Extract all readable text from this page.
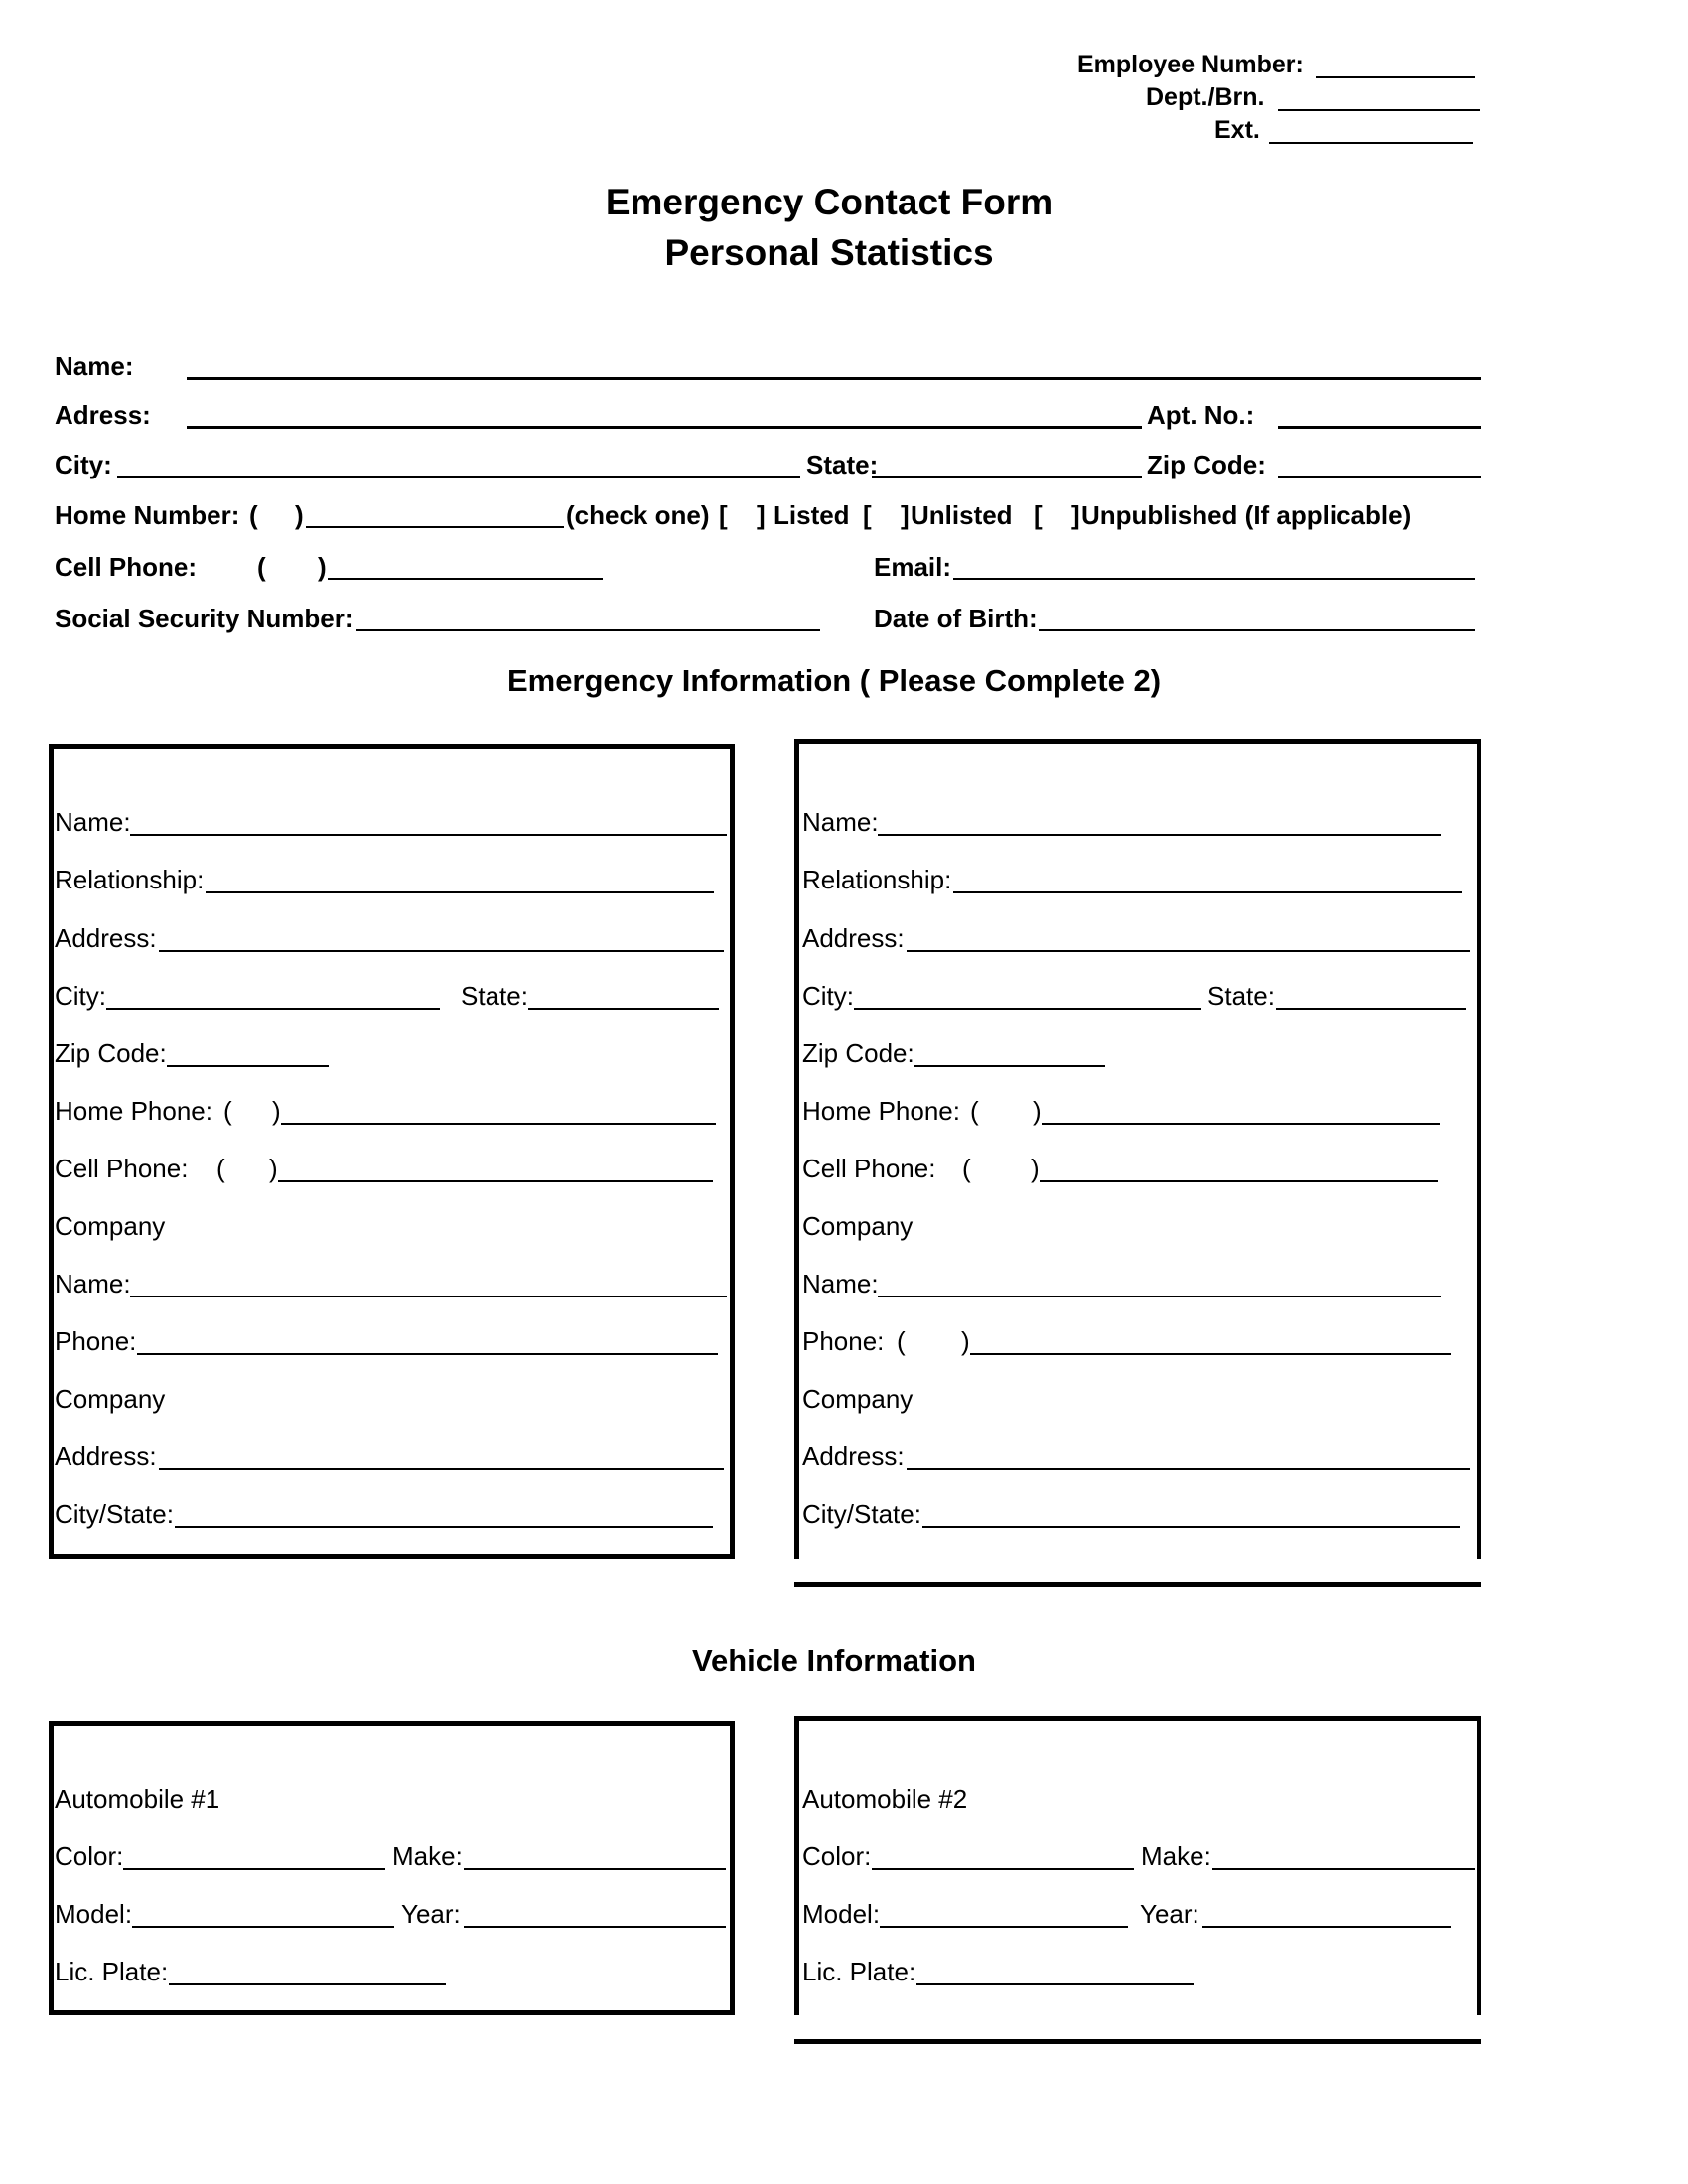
Employee Number:
Dept./Brn.
Ext.
Emergency Contact Form
Personal Statistics
Name:
Adress:	Apt. No.:
City:	State:	Zip Code:
Home Number: ( )	(check one) [ ] Listed [ ] Unlisted [ ] Unpublished (If applicable)
Cell Phone: ( )	Email:
Social Security Number:	Date of Birth:
Emergency Information ( Please Complete 2)
Name:
Relationship:
Address:
City:	State:
Zip Code:
Home Phone: ( )
Cell Phone: ( )
Company
Name:
Phone:
Company
Address:
City/State:
Name:
Relationship:
Address:
City:	State:
Zip Code:
Home Phone: ( )
Cell Phone: ( )
Company
Name:
Phone: ( )
Company
Address:
City/State:
Vehicle Information
Automobile #1
Color:	Make:
Model:	Year:
Lic. Plate:
Automobile #2
Color:	Make:
Model:	Year:
Lic. Plate:
